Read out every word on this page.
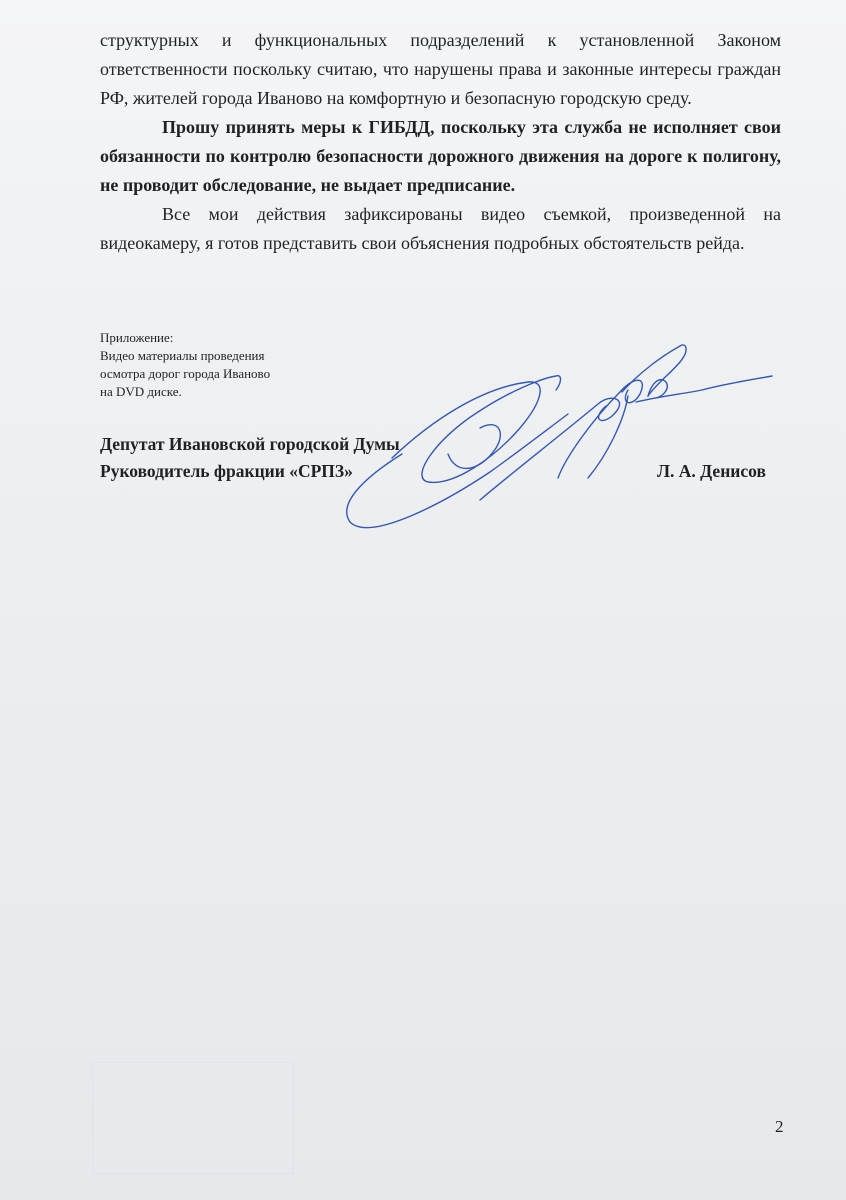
структурных и функциональных подразделений к установленной Законом ответственности поскольку считаю, что нарушены права и законные интересы граждан РФ, жителей города Иваново на комфортную и безопасную городскую среду.

Прошу принять меры к ГИБДД, поскольку эта служба не исполняет свои обязанности по контролю безопасности дорожного движения на дороге к полигону, не проводит обследование, не выдает предписание.

Все мои действия зафиксированы видео съемкой, произведенной на видеокамеру, я готов представить свои объяснения подробных обстоятельств рейда.

Приложение:
Видео материалы проведения
осмотра дорог города Иваново
на DVD диске.
Депутат Ивановской городской Думы
Руководитель фракции «СРПЗ»	Л. А. Денисов
2
